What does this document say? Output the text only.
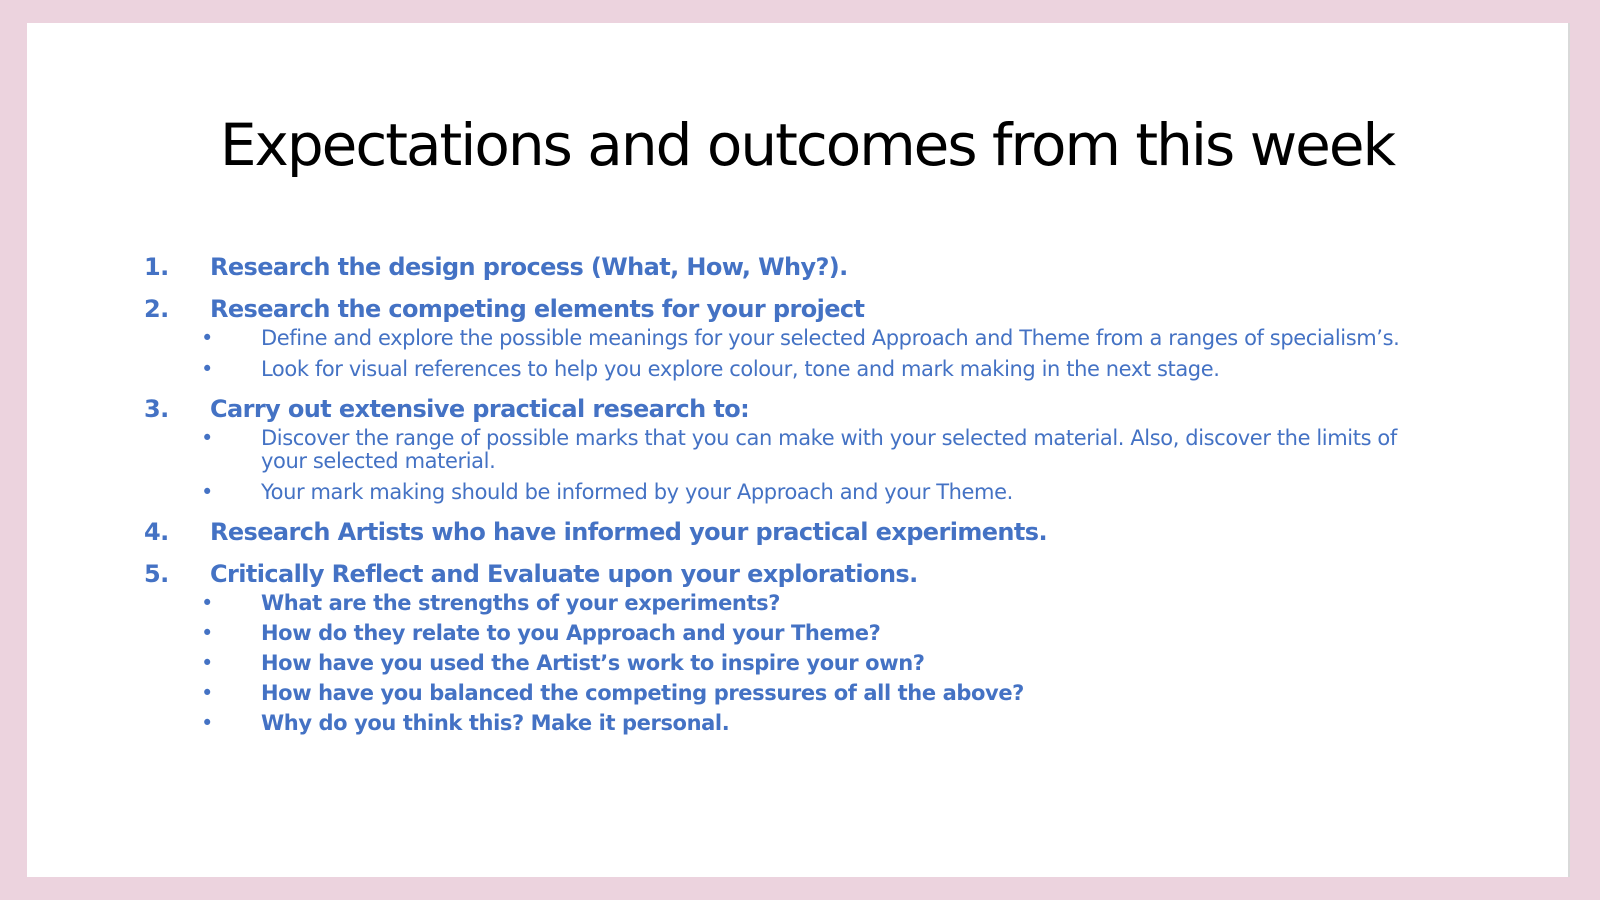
Expectations and outcomes from this week
1. Research the design process (What, How, Why?).
2. Research the competing elements for your project
• Define and explore the possible meanings for your selected Approach and Theme from a ranges of specialism’s.
• Look for visual references to help you explore colour, tone and mark making in the next stage.
3. Carry out extensive practical research to:
• Discover the range of possible marks that you can make with your selected material. Also, discover the limits of your selected material.
• Your mark making should be informed by your Approach and your Theme.
4. Research Artists who have informed your practical experiments.
5. Critically Reflect and Evaluate upon your explorations.
• What are the strengths of your experiments?
• How do they relate to you Approach and your Theme?
• How have you used the Artist’s work to inspire your own?
• How have you balanced the competing pressures of all the above?
• Why do you think this? Make it personal.
